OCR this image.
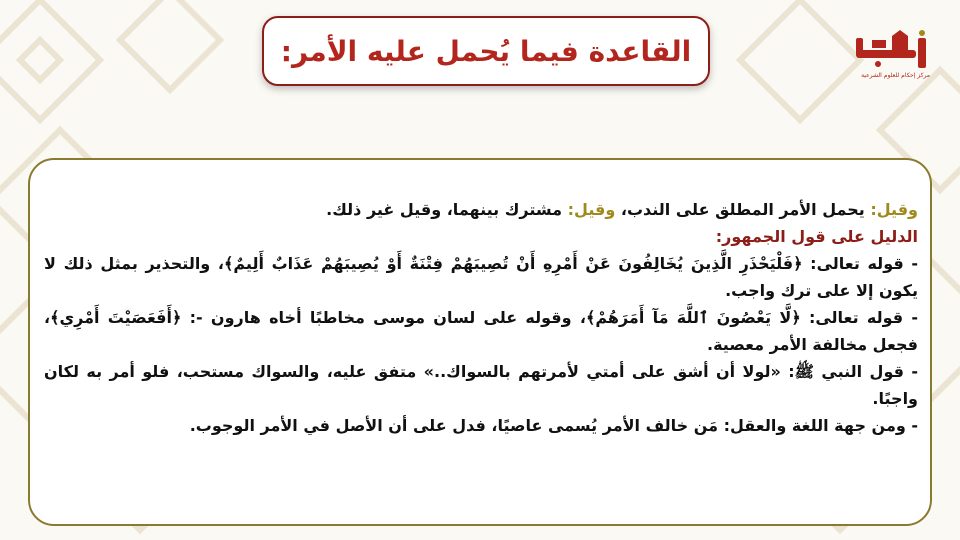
القاعدة فيما يُحمل عليه الأمر:
مركز إحكام للعلوم الشرعية

وقيل: يحمل الأمر المطلق على الندب، وقيل: مشترك بينهما، وقيل غير ذلك.

الدليل على قول الجمهور:

- قوله تعالى: ﴿فَلْيَحْذَرِ الَّذِينَ يُخَالِفُونَ عَنْ أَمْرِهِ أَنْ تُصِيبَهُمْ فِتْنَةٌ أَوْ يُصِيبَهُمْ عَذَابٌ أَلِيمٌ﴾، والتحذير بمثل ذلك لا يكون إلا على ترك واجب.

- قوله تعالى: ﴿لَّا يَعْصُونَ ٱللَّهَ مَآ أَمَرَهُمْ﴾، وقوله على لسان موسى مخاطبًا أخاه هارون -: ﴿أَفَعَصَيْتَ أَمْرِي﴾، فجعل مخالفة الأمر معصية.

- قول النبي ﷺ: «لولا أن أشق على أمتي لأمرتهم بالسواك..» متفق عليه، والسواك مستحب، فلو أمر به لكان واجبًا.

- ومن جهة اللغة والعقل: مَن خالف الأمر يُسمى عاصيًا، فدل على أن الأصل في الأمر الوجوب.
